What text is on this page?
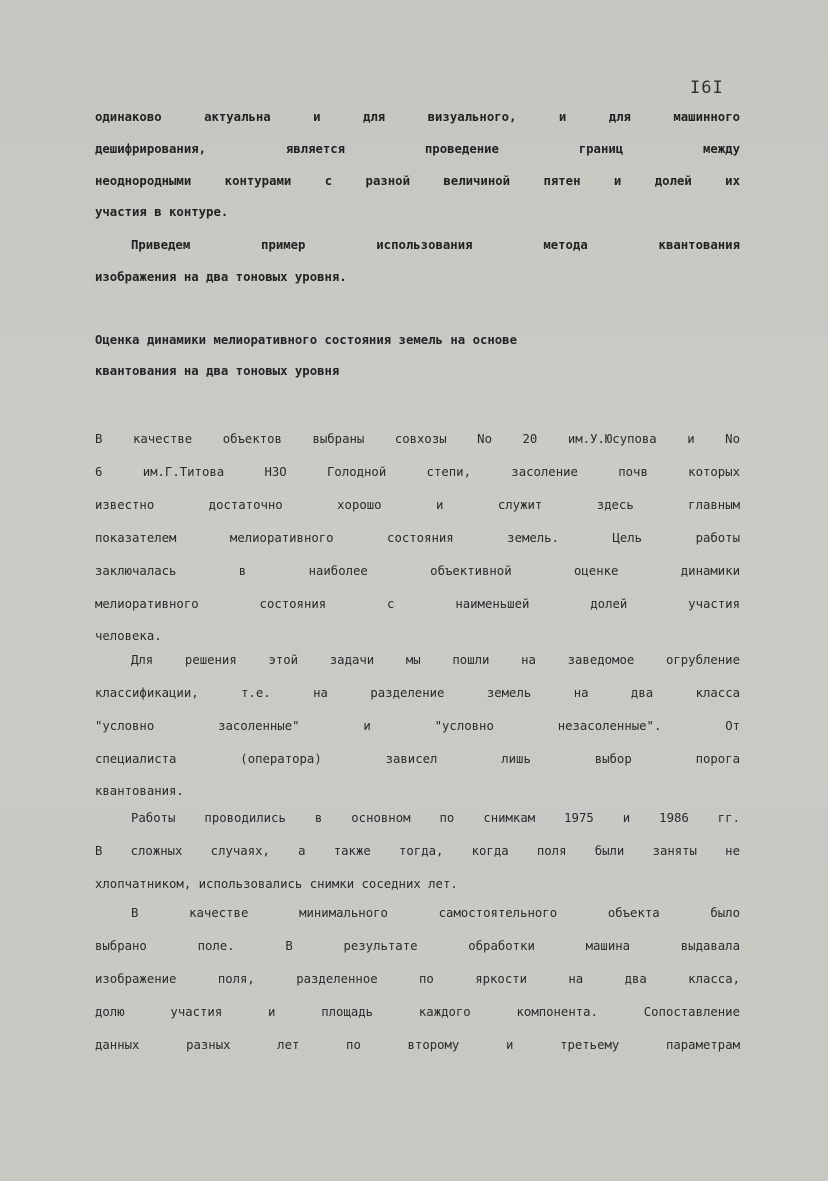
I6I
одинаково актуальна и для визуального, и для машинного
дешифрирования, является проведение границ между
неоднородными контурами с разной величиной пятен и долей их
участия в контуре.
Приведем пример использования метода квантования
изображения на два тоновых уровня.
Оценка динамики мелиоративного состояния земель на основе
квантования на два тоновых уровня
В качестве объектов выбраны совхозы No 20 им.У.Юсупова и No
6 им.Г.Титова НЗО Голодной степи, засоление почв которых
известно достаточно хорошо и служит здесь главным
показателем мелиоративного состояния земель. Цель работы
заключалась в наиболее объективной оценке динамики
мелиоративного состояния с наименьшей долей участия
человека.
Для решения этой задачи мы пошли на заведомое огрубление
классификации, т.е. на разделение земель на два класса
"условно засоленные" и "условно незасоленные". От
специалиста (оператора) зависел лишь выбор порога
квантования.
Работы проводились в основном по снимкам 1975 и 1986 гг.
В сложных случаях, а также тогда, когда поля были заняты не
хлопчатником, использовались снимки соседних лет.
В качестве минимального самостоятельного объекта было
выбрано поле. В результате обработки машина выдавала
изображение поля, разделенное по яркости на два класса,
долю участия и площадь каждого компонента. Сопоставление
данных разных лет по второму и третьему параметрам
